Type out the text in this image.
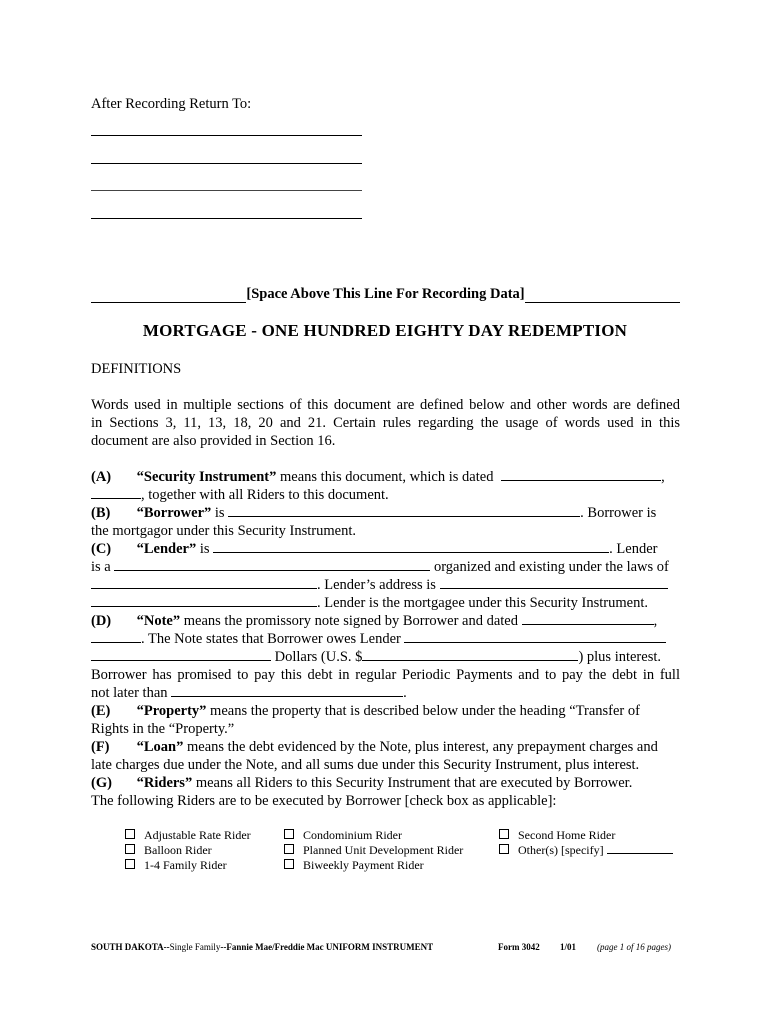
After Recording Return To:
[Space Above This Line For Recording Data]
MORTGAGE - ONE HUNDRED EIGHTY DAY REDEMPTION
DEFINITIONS
Words used in multiple sections of this document are defined below and other words are defined
in Sections 3, 11, 13, 18, 20 and 21. Certain rules regarding the usage of words used in this
document are also provided in Section 16.
(A) “Security Instrument” means this document, which is dated	,
, together with all Riders to this document.
(B) “Borrower” is	. Borrower is
the mortgagor under this Security Instrument.
(C) “Lender” is	. Lender
is a	organized and existing under the laws of
. Lender’s address is
. Lender is the mortgagee under this Security Instrument.
(D) “Note” means the promissory note signed by Borrower and dated	,
. The Note states that Borrower owes Lender
Dollars (U.S. $	) plus interest.
Borrower has promised to pay this debt in regular Periodic Payments and to pay the debt in full
not later than	.
(E) “Property” means the property that is described below under the heading “Transfer of
Rights in the “Property.”
(F) “Loan” means the debt evidenced by the Note, plus interest, any prepayment charges and
late charges due under the Note, and all sums due under this Security Instrument, plus interest.
(G) “Riders” means all Riders to this Security Instrument that are executed by Borrower.
The following Riders are to be executed by Borrower [check box as applicable]:
Adjustable Rate Rider
Balloon Rider
1-4 Family Rider
Condominium Rider
Planned Unit Development Rider
Biweekly Payment Rider
Second Home Rider
Other(s) [specify]
SOUTH DAKOTA--Single Family--Fannie Mae/Freddie Mac UNIFORM INSTRUMENT	Form 3042 1/01 (page 1 of 16 pages)
